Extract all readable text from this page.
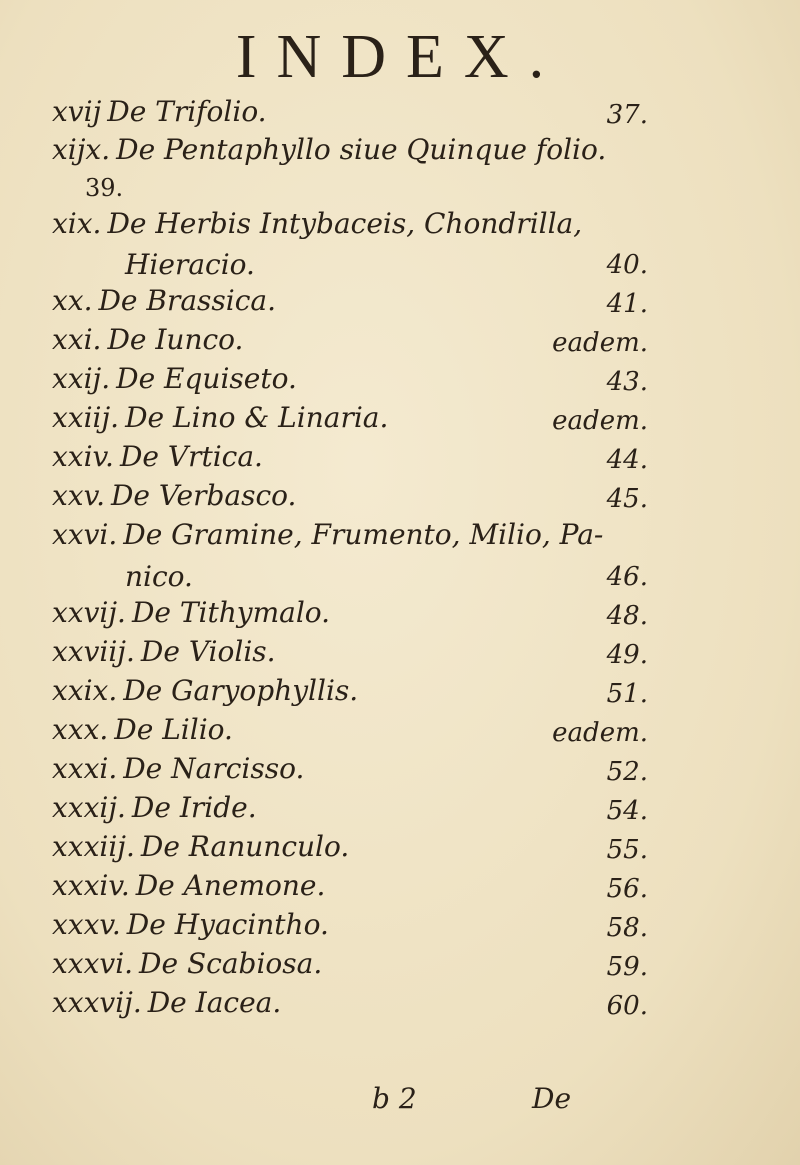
INDEX.
xvij De Trifolio.	37.
xijx. De Pentaphyllo siue Quinque folio.
39.
xix. De Herbis Intybaceis, Chondrilla,
Hieracio.	40.
xx. De Brassica.	41.
xxi. De Iunco.	eadem.
xxij. De Equiseto.	43.
xxiij. De Lino & Linaria.	eadem.
xxiv. De Vrtica.	44.
xxv. De Verbasco.	45.
xxvi. De Gramine, Frumento, Milio, Pa-
nico.	46.
xxvij. De Tithymalo.	48.
xxviij. De Violis.	49.
xxix. De Garyophyllis.	51.
xxx. De Lilio.	eadem.
xxxi. De Narcisso.	52.
xxxij. De Iride.	54.
xxxiij. De Ranunculo.	55.
xxxiv. De Anemone.	56.
xxxv. De Hyacintho.	58.
xxxvi. De Scabiosa.	59.
xxxvij. De Iacea.	60.
b 2	De
